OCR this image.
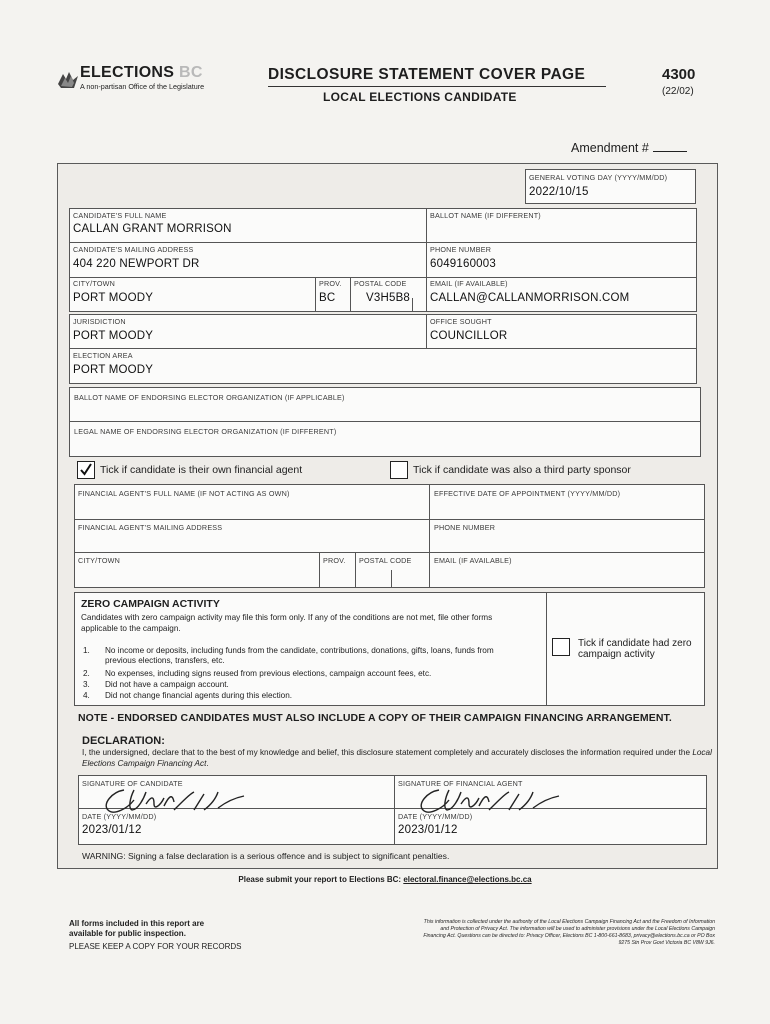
ELECTIONS BC
A non-partisan Office of the Legislature
DISCLOSURE STATEMENT COVER PAGE
LOCAL ELECTIONS CANDIDATE
4300
(22/02)
Amendment #
GENERAL VOTING DAY (YYYY/MM/DD)
2022/10/15
CANDIDATE'S FULL NAME
CALLAN GRANT MORRISON
BALLOT NAME (IF DIFFERENT)
CANDIDATE'S MAILING ADDRESS
404 220 NEWPORT DR
PHONE NUMBER
6049160003
CITY/TOWN
PORT MOODY
PROV.
BC
POSTAL CODE
V3H5B8
EMAIL (IF AVAILABLE)
CALLAN@CALLANMORRISON.COM
JURISDICTION
PORT MOODY
OFFICE SOUGHT
COUNCILLOR
ELECTION AREA
PORT MOODY
BALLOT NAME OF ENDORSING ELECTOR ORGANIZATION (IF APPLICABLE)
LEGAL NAME OF ENDORSING ELECTOR ORGANIZATION (IF DIFFERENT)
Tick if candidate is their own financial agent	Tick if candidate was also a third party sponsor
FINANCIAL AGENT'S FULL NAME (IF NOT ACTING AS OWN)	EFFECTIVE DATE OF APPOINTMENT (YYYY/MM/DD)
FINANCIAL AGENT'S MAILING ADDRESS	PHONE NUMBER
CITY/TOWN	PROV. POSTAL CODE	EMAIL (IF AVAILABLE)
ZERO CAMPAIGN ACTIVITY
Candidates with zero campaign activity may file this form only. If any of the conditions are not met, file other forms applicable to the campaign.
1. No income or deposits, including funds from the candidate, contributions, donations, gifts, loans, funds from previous elections, transfers, etc.
2. No expenses, including signs reused from previous elections, campaign account fees, etc.
3. Did not have a campaign account.
4. Did not change financial agents during this election.
Tick if candidate had zero campaign activity
NOTE - ENDORSED CANDIDATES MUST ALSO INCLUDE A COPY OF THEIR CAMPAIGN FINANCING ARRANGEMENT.
DECLARATION:
I, the undersigned, declare that to the best of my knowledge and belief, this disclosure statement completely and accurately discloses the information required under the Local Elections Campaign Financing Act.
SIGNATURE OF CANDIDATE	SIGNATURE OF FINANCIAL AGENT
DATE (YYYY/MM/DD)
2023/01/12
DATE (YYYY/MM/DD)
2023/01/12
WARNING: Signing a false declaration is a serious offence and is subject to significant penalties.
Please submit your report to Elections BC: electoral.finance@elections.bc.ca
All forms included in this report are
available for public inspection.
PLEASE KEEP A COPY FOR YOUR RECORDS
This information is collected under the authority of the Local Elections Campaign Financing Act and the Freedom of Information and Protection of Privacy Act. The information will be used to administer provisions under the Local Elections Campaign Financing Act. Questions can be directed to: Privacy Officer, Elections BC 1-800-661-8683, privacy@elections.bc.ca or PO Box 9275 Stn Prov Govt Victoria BC V8W 9J6.
